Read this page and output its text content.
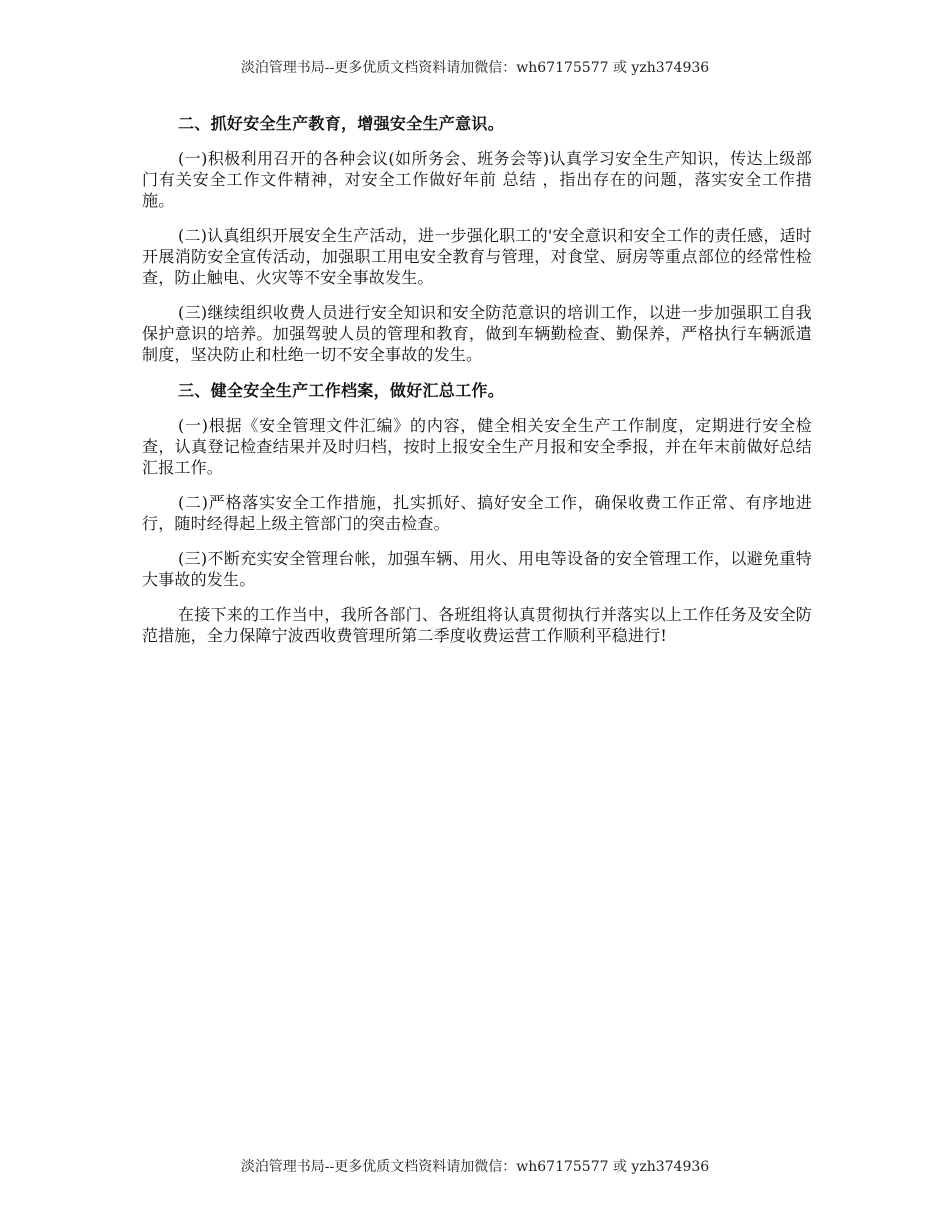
淡泊管理书局--更多优质文档资料请加微信：wh67175577 或 yzh374936
二、抓好安全生产教育，增强安全生产意识。

(一)积极利用召开的各种会议(如所务会、班务会等)认真学习安全生产知识，传达上级部门有关安全工作文件精神，对安全工作做好年前 总结 ，指出存在的问题，落实安全工作措施。

(二)认真组织开展安全生产活动，进一步强化职工的'安全意识和安全工作的责任感，适时开展消防安全宣传活动，加强职工用电安全教育与管理，对食堂、厨房等重点部位的经常性检查，防止触电、火灾等不安全事故发生。

(三)继续组织收费人员进行安全知识和安全防范意识的培训工作，以进一步加强职工自我保护意识的培养。加强驾驶人员的管理和教育，做到车辆勤检查、勤保养，严格执行车辆派遣制度，坚决防止和杜绝一切不安全事故的发生。

三、健全安全生产工作档案，做好汇总工作。

(一)根据《安全管理文件汇编》的内容，健全相关安全生产工作制度，定期进行安全检查，认真登记检查结果并及时归档，按时上报安全生产月报和安全季报，并在年末前做好总结汇报工作。

(二)严格落实安全工作措施，扎实抓好、搞好安全工作，确保收费工作正常、有序地进行，随时经得起上级主管部门的突击检查。

(三)不断充实安全管理台帐，加强车辆、用火、用电等设备的安全管理工作，以避免重特大事故的发生。

在接下来的工作当中，我所各部门、各班组将认真贯彻执行并落实以上工作任务及安全防范措施，全力保障宁波西收费管理所第二季度收费运营工作顺利平稳进行!

淡泊管理书局--更多优质文档资料请加微信：wh67175577 或 yzh374936
